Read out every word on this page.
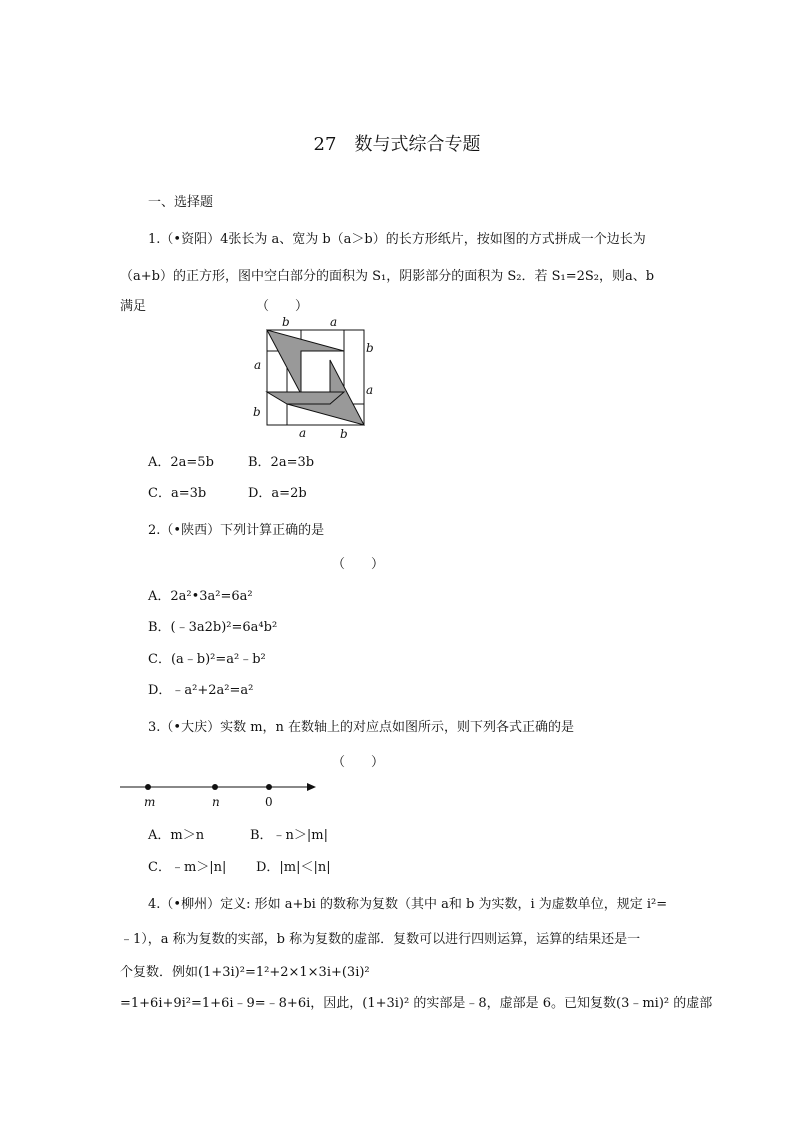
27 数与式综合专题
一、选择题
1.（•资阳）4张长为 a、宽为 b（a＞b）的长方形纸片，按如图的方式拼成一个边长为
（a+b）的正方形，图中空白部分的面积为 S₁，阴影部分的面积为 S₂．若 S₁=2S₂，则a、b
满足	（　　）
b	a
b
a
a
b
a	b
A．2a=5b	B．2a=3b
C．a=3b	D．a=2b
2.（•陕西）下列计算正确的是
（　　）
A．2a²•3a²=6a²
B．(﹣3a2b)²=6a⁴b²
C．(a﹣b)²=a²﹣b²
D．﹣a²+2a²=a²
3.（•大庆）实数 m，n 在数轴上的对应点如图所示，则下列各式正确的是
（　　）
m	n	0
A．m＞n	B．﹣n＞|m|
C．﹣m＞|n| D．|m|＜|n|
4.（•柳州）定义: 形如 a+bi 的数称为复数（其中 a和 b 为实数，i 为虚数单位，规定 i²=
﹣1），a 称为复数的实部，b 称为复数的虚部．复数可以进行四则运算，运算的结果还是一
个复数．例如(1+3i)²=1²+2×1×3i+(3i)²
=1+6i+9i²=1+6i﹣9=﹣8+6i，因此，(1+3i)² 的实部是﹣8，虚部是 6。已知复数(3﹣mi)² 的虚部
